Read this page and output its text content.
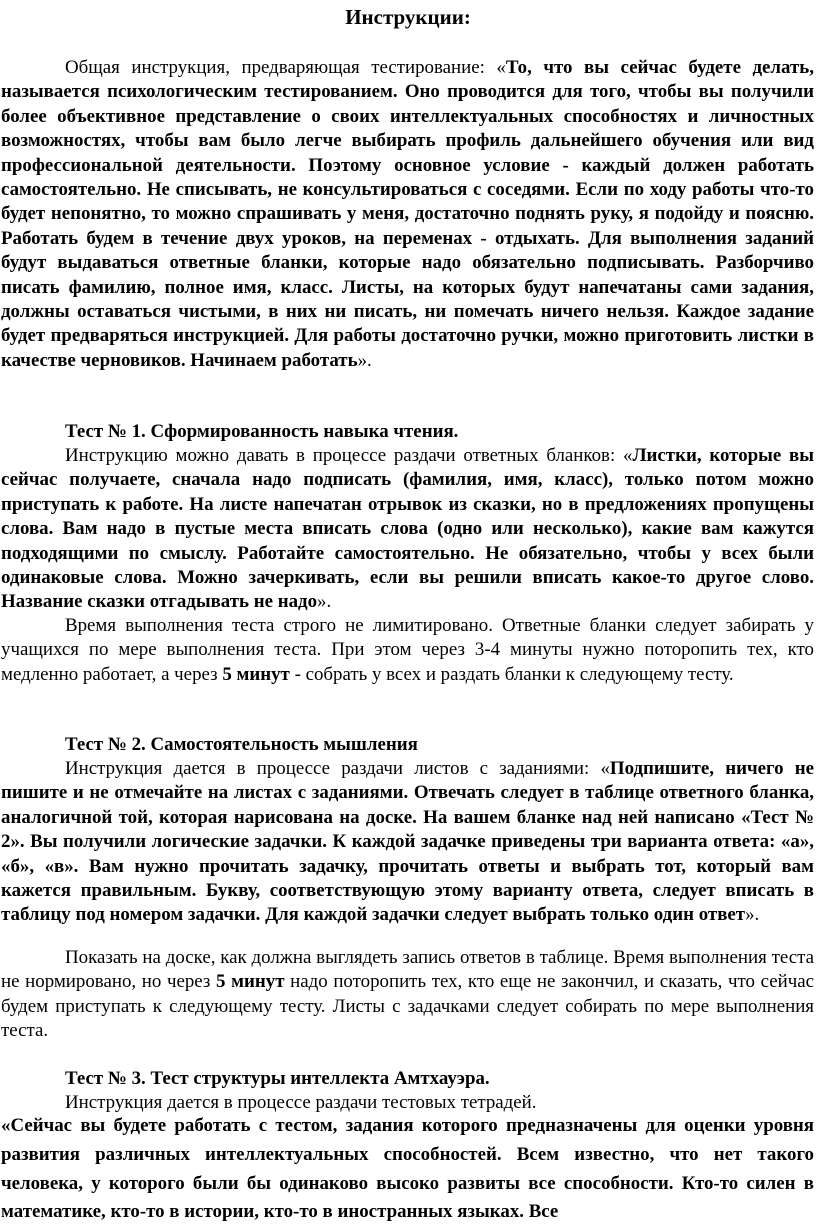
Инструкции:
Общая инструкция, предваряющая тестирование: «То, что вы сейчас будете делать, называется психологическим тестированием. Оно проводится для того, чтобы вы получили более объективное представление о своих интеллектуальных способностях и личностных возможностях, чтобы вам было легче выбирать профиль дальнейшего обучения или вид профессиональной деятельности. Поэтому основное условие - каждый должен работать самостоятельно. Не списывать, не консультироваться с соседями. Если по ходу работы что-то будет непонятно, то можно спрашивать у меня, достаточно поднять руку, я подойду и поясню. Работать будем в течение двух уроков, на переменах - отдыхать. Для выполнения заданий будут выдаваться ответные бланки, которые надо обязательно подписывать. Разборчиво писать фамилию, полное имя, класс. Листы, на которых будут напечатаны сами задания, должны оставаться чистыми, в них ни писать, ни помечать ничего нельзя. Каждое задание будет предваряться инструкцией. Для работы достаточно ручки, можно приготовить листки в качестве черновиков. Начинаем работать».
Тест № 1. Сформированность навыка чтения.
Инструкцию можно давать в процессе раздачи ответных бланков: «Листки, которые вы сейчас получаете, сначала надо подписать (фамилия, имя, класс), только потом можно приступать к работе. На листе напечатан отрывок из сказки, но в предложениях пропущены слова. Вам надо в пустые места вписать слова (одно или несколько), какие вам кажутся подходящими по смыслу. Работайте самостоятельно. Не обязательно, чтобы у всех были одинаковые слова. Можно зачеркивать, если вы решили вписать какое-то другое слово. Название сказки отгадывать не надо».
Время выполнения теста строго не лимитировано. Ответные бланки следует забирать у учащихся по мере выполнения теста. При этом через 3-4 минуты нужно поторопить тех, кто медленно работает, а через 5 минут - собрать у всех и раздать бланки к следующему тесту.
Тест № 2. Самостоятельность мышления
Инструкция дается в процессе раздачи листов с заданиями: «Подпишите, ничего не пишите и не отмечайте на листах с заданиями. Отвечать следует в таблице ответного бланка, аналогичной той, которая нарисована на доске. На вашем бланке над ней написано «Тест № 2». Вы получили логические задачки. К каждой задачке приведены три варианта ответа: «а», «б», «в». Вам нужно прочитать задачку, прочитать ответы и выбрать тот, который вам кажется правильным. Букву, соответствующую этому варианту ответа, следует вписать в таблицу под номером задачки. Для каждой задачки следует выбрать только один ответ».
Показать на доске, как должна выглядеть запись ответов в таблице. Время выполнения теста не нормировано, но через 5 минут надо поторопить тех, кто еще не закончил, и сказать, что сейчас будем приступать к следующему тесту. Листы с задачками следует собирать по мере выполнения теста.
Тест № 3. Тест структуры интеллекта Амтхауэра.
Инструкция дается в процессе раздачи тестовых тетрадей.
«Сейчас вы будете работать с тестом, задания которого предназначены для оценки уровня развития различных интеллектуальных способностей. Всем известно, что нет такого человека, у которого были бы одинаково высоко развиты все способности. Кто-то силен в математике, кто-то в истории, кто-то в иностранных языках. Все
